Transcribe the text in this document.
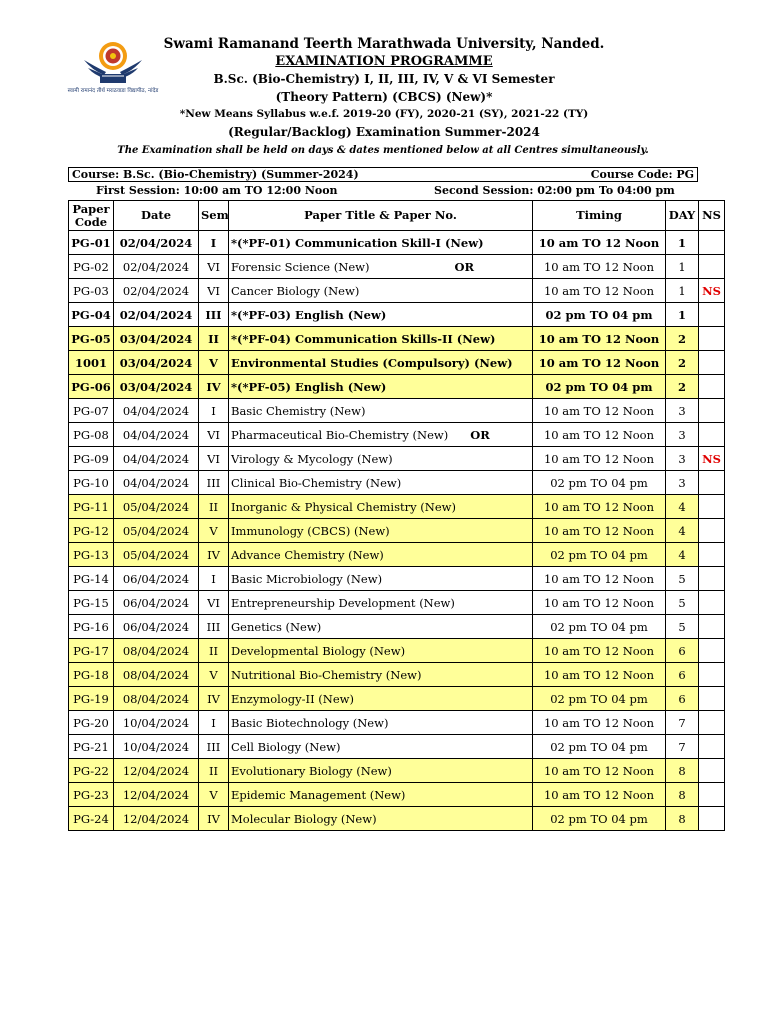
स्वामी रामानंद तीर्थ मराठवाडा विद्यापीठ, नांदेड
Swami Ramanand Teerth Marathwada University, Nanded.
EXAMINATION PROGRAMME
B.Sc. (Bio-Chemistry) I, II, III, IV, V & VI Semester
(Theory Pattern) (CBCS) (New)*
*New Means Syllabus w.e.f. 2019-20 (FY), 2020-21 (SY), 2021-22 (TY)
(Regular/Backlog) Examination Summer-2024
The Examination shall be held on days & dates mentioned below at all Centres simultaneously.
Course: B.Sc. (Bio-Chemistry) (Summer-2024)	Course Code: PG
First Session: 10:00 am TO 12:00 Noon	Second Session: 02:00 pm To 04:00 pm
Paper Code	Date	Sem	Paper Title & Paper No.	Timing	DAY	NS
PG-01	02/04/2024	I	*(*PF-01) Communication Skill-I (New)	10 am TO 12 Noon	1	
PG-02	02/04/2024	VI	Forensic Science (New) OR	10 am TO 12 Noon	1	
PG-03	02/04/2024	VI	Cancer Biology (New)	10 am TO 12 Noon	1	NS
PG-04	02/04/2024	III	*(*PF-03) English (New)	02 pm TO 04 pm	1	
PG-05	03/04/2024	II	*(*PF-04) Communication Skills-II (New)	10 am TO 12 Noon	2	
1001	03/04/2024	V	Environmental Studies (Compulsory) (New)	10 am TO 12 Noon	2	
PG-06	03/04/2024	IV	*(*PF-05) English (New)	02 pm TO 04 pm	2	
PG-07	04/04/2024	I	Basic Chemistry (New)	10 am TO 12 Noon	3	
PG-08	04/04/2024	VI	Pharmaceutical Bio-Chemistry (New) OR	10 am TO 12 Noon	3	
PG-09	04/04/2024	VI	Virology & Mycology (New)	10 am TO 12 Noon	3	NS
PG-10	04/04/2024	III	Clinical Bio-Chemistry (New)	02 pm TO 04 pm	3	
PG-11	05/04/2024	II	Inorganic & Physical Chemistry (New)	10 am TO 12 Noon	4	
PG-12	05/04/2024	V	Immunology (CBCS) (New)	10 am TO 12 Noon	4	
PG-13	05/04/2024	IV	Advance Chemistry (New)	02 pm TO 04 pm	4	
PG-14	06/04/2024	I	Basic Microbiology (New)	10 am TO 12 Noon	5	
PG-15	06/04/2024	VI	Entrepreneurship Development (New)	10 am TO 12 Noon	5	
PG-16	06/04/2024	III	Genetics (New)	02 pm TO 04 pm	5	
PG-17	08/04/2024	II	Developmental Biology (New)	10 am TO 12 Noon	6	
PG-18	08/04/2024	V	Nutritional Bio-Chemistry (New)	10 am TO 12 Noon	6	
PG-19	08/04/2024	IV	Enzymology-II (New)	02 pm TO 04 pm	6	
PG-20	10/04/2024	I	Basic Biotechnology (New)	10 am TO 12 Noon	7	
PG-21	10/04/2024	III	Cell Biology (New)	02 pm TO 04 pm	7	
PG-22	12/04/2024	II	Evolutionary Biology (New)	10 am TO 12 Noon	8	
PG-23	12/04/2024	V	Epidemic Management (New)	10 am TO 12 Noon	8	
PG-24	12/04/2024	IV	Molecular Biology (New)	02 pm TO 04 pm	8	
